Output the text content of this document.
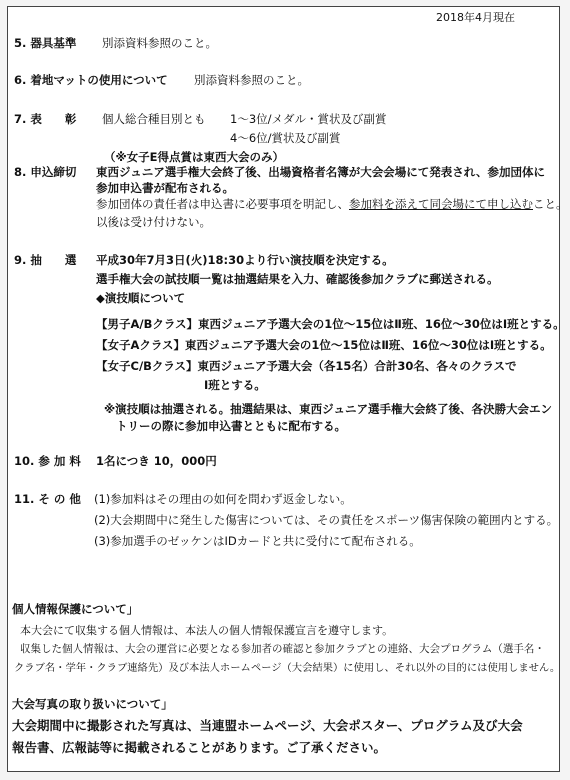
2018年4月現在
5. 器具基準 別添資料参照のこと。
6. 着地マットの使用について 別添資料参照のこと。
7. 表　　彰 個人総合種目別とも 1～3位/メダル・賞状及び副賞
4～6位/賞状及び副賞
（※女子E得点賞は東西大会のみ）
8. 申込締切 東西ジュニア選手権大会終了後、出場資格者名簿が大会会場にて発表され、参加団体に
参加申込書が配布される。
参加団体の責任者は申込書に必要事項を明記し、参加料を添えて同会場にて申し込むこと。
以後は受け付けない。
9. 抽　　選 平成30年7月3日(火)18:30より行い演技順を決定する。
選手権大会の試技順一覧は抽選結果を入力、確認後参加クラブに郵送される。
◆演技順について
【男子A/Bクラス】東西ジュニア予選大会の1位～15位はⅡ班、16位～30位はⅠ班とする。
【女子Aクラス】東西ジュニア予選大会の1位～15位はⅡ班、16位～30位はⅠ班とする。
【女子C/Bクラス】東西ジュニア予選大会（各15名）合計30名、各々のクラスで
Ⅰ班とする。
※演技順は抽選される。抽選結果は、東西ジュニア選手権大会終了後、各決勝大会エン
トリーの際に参加申込書とともに配布する。
10. 参 加 料 1名につき 10，000円
11. そ の 他 (1)参加料はその理由の如何を問わず返金しない。
(2)大会期間中に発生した傷害については、その責任をスポーツ傷害保険の範囲内とする。
(3)参加選手のゼッケンはIDカードと共に受付にて配布される。
個人情報保護について」
本大会にて収集する個人情報は、本法人の個人情報保護宣言を遵守します。
収集した個人情報は、大会の運営に必要となる参加者の確認と参加クラブとの連絡、大会プログラム（選手名・
クラブ名・学年・クラブ連絡先）及び本法人ホームページ（大会結果）に使用し、それ以外の目的には使用しません。
大会写真の取り扱いについて」
大会期間中に撮影された写真は、当連盟ホームページ、大会ポスター、プログラム及び大会
報告書、広報誌等に掲載されることがあります。ご了承ください。
